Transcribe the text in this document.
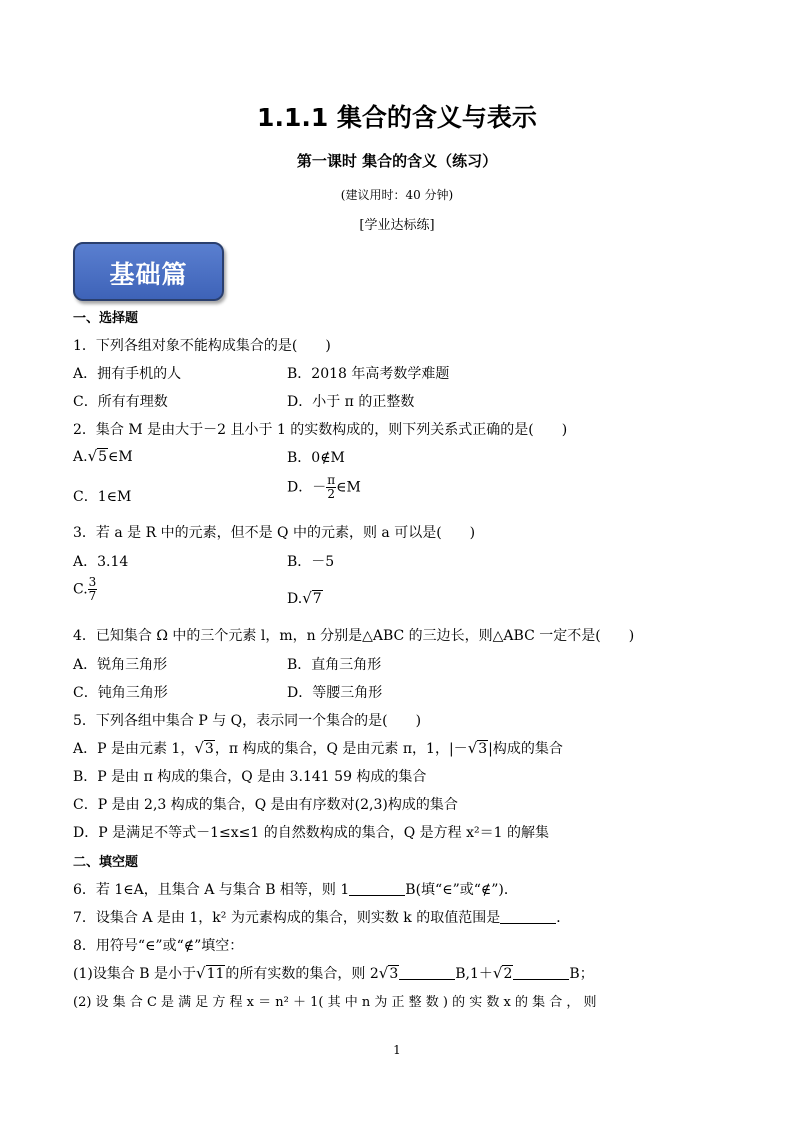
1.1.1 集合的含义与表示
第一课时 集合的含义（练习）
(建议用时：40 分钟)
[学业达标练]
基础篇
一、选择题
1．下列各组对象不能构成集合的是(　　)
A．拥有手机的人	B．2018 年高考数学难题
C．所有有理数	D．小于 π 的正整数
2．集合 M 是由大于－2 且小于 1 的实数构成的，则下列关系式正确的是(　　)
A.√5∈M	B．0∉M
C．1∈M
D．－ $\frac{\pi}{2}$ ∈M
3．若 a 是 R 中的元素，但不是 Q 中的元素，则 a 可以是(　　)
A．3.14	B．－5
C. $\frac{3}{7}$	D.√7
4．已知集合 Ω 中的三个元素 l，m，n 分别是△ABC 的三边长，则△ABC 一定不是(　　)
A．锐角三角形	B．直角三角形
C．钝角三角形	D．等腰三角形
5．下列各组中集合 P 与 Q，表示同一个集合的是(　　)
A．P 是由元素 1，√3，π 构成的集合，Q 是由元素 π，1，|－√3|构成的集合
B．P 是由 π 构成的集合，Q 是由 3.141 59 构成的集合
C．P 是由 2,3 构成的集合，Q 是由有序数对(2,3)构成的集合
D．P 是满足不等式－1≤x≤1 的自然数构成的集合，Q 是方程 x²＝1 的解集
二、填空题
6．若 1∈A，且集合 A 与集合 B 相等，则 1	B(填“∈”或“∉”)．
7．设集合 A 是由 1，k² 为元素构成的集合，则实数 k 的取值范围是	．
8．用符号“∈”或“∉”填空：
(1)设集合 B 是小于√11的所有实数的集合，则 2√3	B,1＋√2	B；
(2) 设 集 合 C 是 满 足 方 程 x ＝ n² ＋ 1( 其 中 n 为 正 整 数 ) 的 实 数 x 的 集 合 ， 则
1
